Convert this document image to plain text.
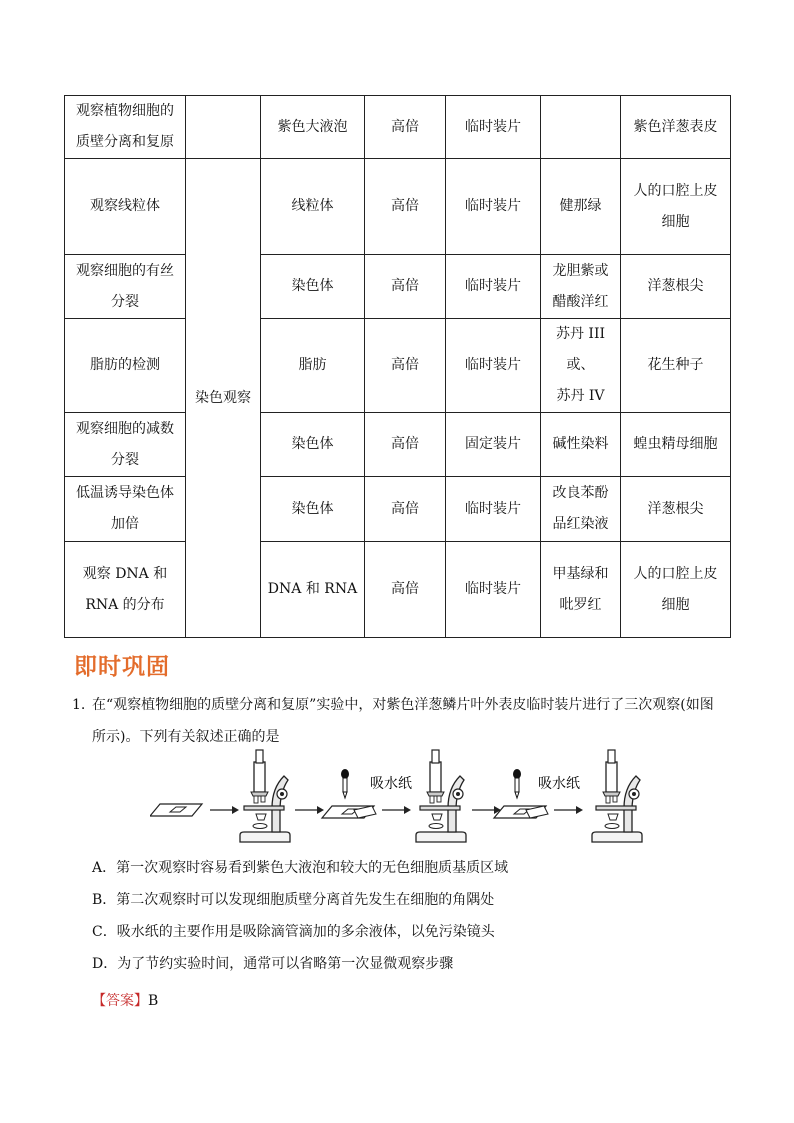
观察植物细胞的
质壁分离和复原		紫色大液泡	高倍	临时装片		紫色洋葱表皮

观察线粒体	染色观察	线粒体	高倍	临时装片	健那绿	人的口腔上皮
细胞

观察细胞的有丝
分裂		染色体	高倍	临时装片	龙胆紫或
醋酸洋红	洋葱根尖

脂肪的检测		脂肪	高倍	临时装片	苏丹 III或、
苏丹 IV	花生种子

观察细胞的减数
分裂		染色体	高倍	固定装片	碱性染料	蝗虫精母细胞

低温诱导染色体
加倍		染色体	高倍	临时装片	改良苯酚
品红染液	洋葱根尖

观察 DNA 和
RNA 的分布		DNA 和 RNA	高倍	临时装片	甲基绿和
吡罗红	人的口腔上皮
细胞
即时巩固
1. 在“观察植物细胞的质壁分离和复原”实验中，对紫色洋葱鳞片叶外表皮临时装片进行了三次观察(如图
所示)。下列有关叙述正确的是
吸水纸	吸水纸
A．第一次观察时容易看到紫色大液泡和较大的无色细胞质基质区域
B．第二次观察时可以发现细胞质壁分离首先发生在细胞的角隅处
C．吸水纸的主要作用是吸除滴管滴加的多余液体，以免污染镜头
D．为了节约实验时间，通常可以省略第一次显微观察步骤
【答案】B
